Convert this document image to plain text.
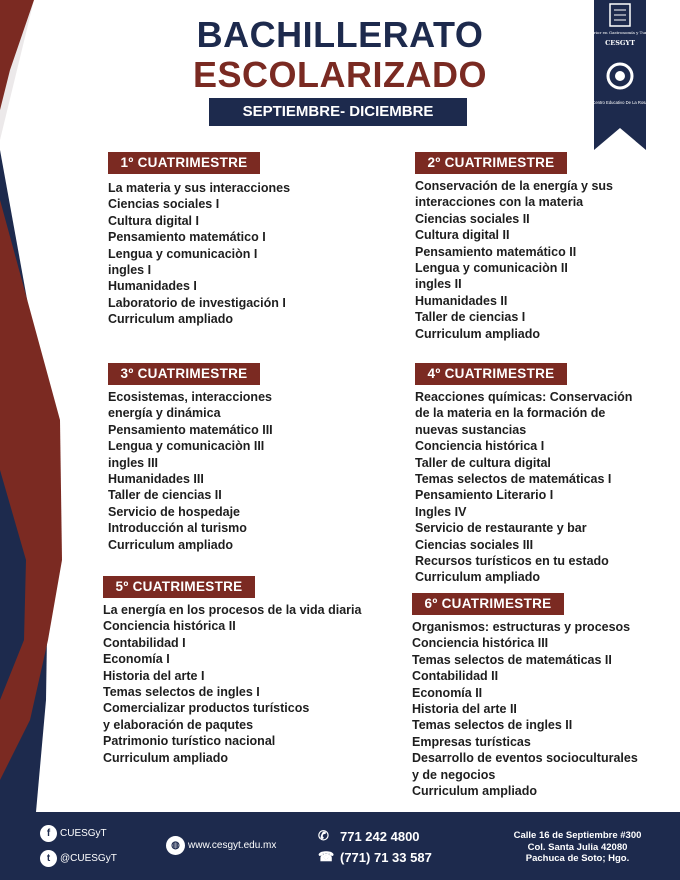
BACHILLERATO
ESCOLARIZADO
SEPTIEMBRE- DICIEMBRE
Superior en Gastronomía y Turismo
CESGYT
Centro Educativo De La Rosa
1º CUATRIMESTRE	2º CUATRIMESTRE
3º CUATRIMESTRE	4º CUATRIMESTRE
5º CUATRIMESTRE
6º CUATRIMESTRE
La materia y sus interacciones
Ciencias sociales I
Cultura digital I
Pensamiento matemático I
Lengua y comunicaciòn I
ingles I
Humanidades I
Laboratorio de investigación I
Curriculum ampliado
Conservación de la energía y sus
interacciones con la materia
Ciencias sociales II
Cultura digital II
Pensamiento matemático II
Lengua y comunicaciòn II
ingles II
Humanidades II
Taller de ciencias I
Curriculum ampliado
Ecosistemas, interacciones
energía y dinámica
Pensamiento matemático III
Lengua y comunicaciòn III
ingles III
Humanidades III
Taller de ciencias II
Servicio de hospedaje
Introducción al turismo
Curriculum ampliado
Reacciones químicas: Conservación
de la materia en la formación de
nuevas sustancias
Conciencia histórica I
Taller de cultura digital
Temas selectos de matemáticas I
Pensamiento Literario I
Ingles IV
Servicio de restaurante y bar
Ciencias sociales III
Recursos turísticos en tu estado
Curriculum ampliado
La energía en los procesos de la vida diaria
Conciencia histórica II
Contabilidad I
Economía I
Historia del arte I
Temas selectos de ingles I
Comercializar productos turísticos
y elaboración de paqutes
Patrimonio turístico nacional
Curriculum ampliado
Organismos: estructuras y procesos
Conciencia histórica III
Temas selectos de matemáticas II
Contabilidad II
Economía II
Historia del arte II
Temas selectos de ingles II
Empresas turísticas
Desarrollo de eventos socioculturales
y de negocios
Curriculum ampliado
f CUESGyT
t @CUESGyT
◍ www.cesgyt.edu.mx
✆ 771 242 4800
☎ (771) 71 33 587
Calle 16 de Septiembre #300
Col. Santa Julia 42080
Pachuca de Soto; Hgo.
